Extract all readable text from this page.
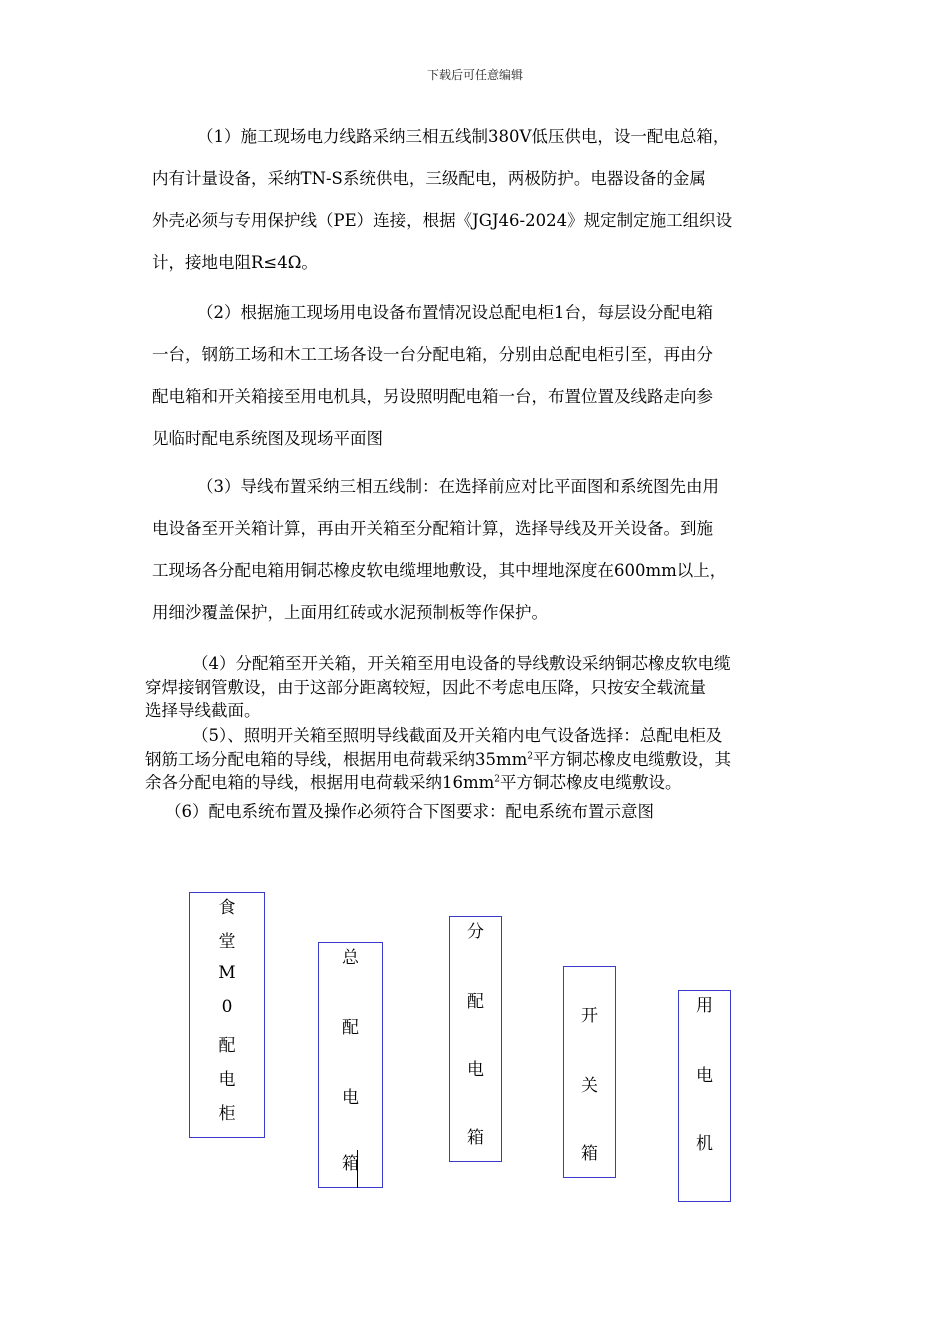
下载后可任意编辑
（1）施工现场电力线路采纳三相五线制380V低压供电，设一配电总箱，
内有计量设备，采纳TN-S系统供电，三级配电，两极防护。电器设备的金属
外壳必须与专用保护线（PE）连接，根据《JGJ46-2024》规定制定施工组织设
计，接地电阻R≤4Ω。
（2）根据施工现场用电设备布置情况设总配电柜1台，每层设分配电箱
一台，钢筋工场和木工工场各设一台分配电箱，分别由总配电柜引至，再由分
配电箱和开关箱接至用电机具，另设照明配电箱一台，布置位置及线路走向参
见临时配电系统图及现场平面图
（3）导线布置采纳三相五线制：在选择前应对比平面图和系统图先由用
电设备至开关箱计算，再由开关箱至分配箱计算，选择导线及开关设备。到施
工现场各分配电箱用铜芯橡皮软电缆埋地敷设，其中埋地深度在600mm以上，
用细沙覆盖保护，上面用红砖或水泥预制板等作保护。
（4）分配箱至开关箱，开关箱至用电设备的导线敷设采纳铜芯橡皮软电缆
穿焊接钢管敷设，由于这部分距离较短，因此不考虑电压降，只按安全载流量
选择导线截面。
（5）、照明开关箱至照明导线截面及开关箱内电气设备选择：总配电柜及
钢筋工场分配电箱的导线，根据用电荷载采纳$35mm^2$平方铜芯橡皮电缆敷设，其
余各分配电箱的导线，根据用电荷载采纳$16mm^2$平方铜芯橡皮电缆敷设。
（6）配电系统布置及操作必须符合下图要求：配电系统布置示意图
食
堂
M
0
配
电
柜
总
配
电
箱
分
配
电
箱
开
关
箱
用
电
机
